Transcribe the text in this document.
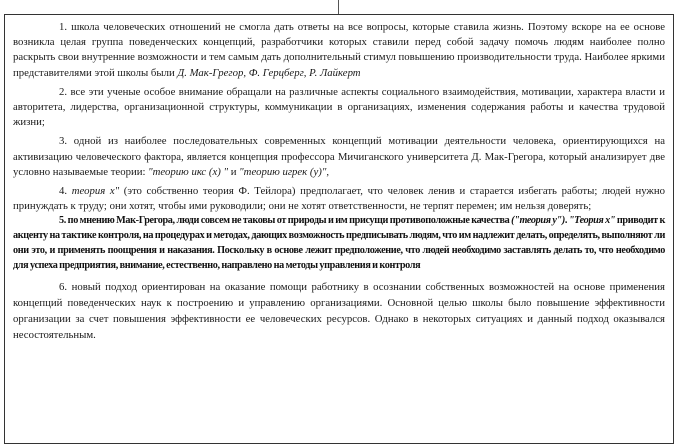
1. школа человеческих отношений не смогла дать ответы на все вопросы, которые ставила жизнь. Поэтому вскоре на ее основе возникла целая группа поведенческих концепций, разработчики которых ставили перед собой задачу помочь людям наиболее полно раскрыть свои внутренние возможности и тем самым дать дополнительный стимул повышению производительности труда. Наиболее яркими представителями этой школы были Д. Мак-Грегор, Ф. Герцберг, Р. Лайкерт

2. все эти ученые особое внимание обращали на различные аспекты социального взаимодействия, мотивации, характера власти и авторитета, лидерства, организационной структуры, коммуникации в организациях, изменения содержания работы и качества трудовой жизни;

3. одной из наиболее последовательных современных концепций мотивации деятельности человека, ориентирующихся на активизацию человеческого фактора, является концепция профессора Мичиганского университета Д. Мак-Грегора, который анализирует две условно называемые теории: "теорию икс (х) " и "теорию игрек (у)",

4. теория х" (это собственно теория Ф. Тейлора) предполагает, что человек ленив и старается избегать работы; людей нужно принуждать к труду; они хотят, чтобы ими руководили; они не хотят ответственности, не терпят перемен; им нельзя доверять;

5. по мнению Мак-Грегора, люди совсем не таковы от природы и им присущи противоположные качества ("теория у"). "Теория х" приводит к акценту на тактике контроля, на процедурах и методах, дающих возможность предписывать людям, что им надлежит делать, определять, выполняют ли они это, и применять поощрения и наказания. Поскольку в основе лежит предположение, что людей необходимо заставлять делать то, что необходимо для успеха предприятия, внимание, естественно, направлено на методы управления и контроля

6. новый подход ориентирован на оказание помощи работнику в осознании собственных возможностей на основе применения концепций поведенческих наук к построению и управлению организациями. Основной целью школы было повышение эффективности организации за счет повышения эффективности ее человеческих ресурсов. Однако в некоторых ситуациях и данный подход оказывался несостоятельным.
